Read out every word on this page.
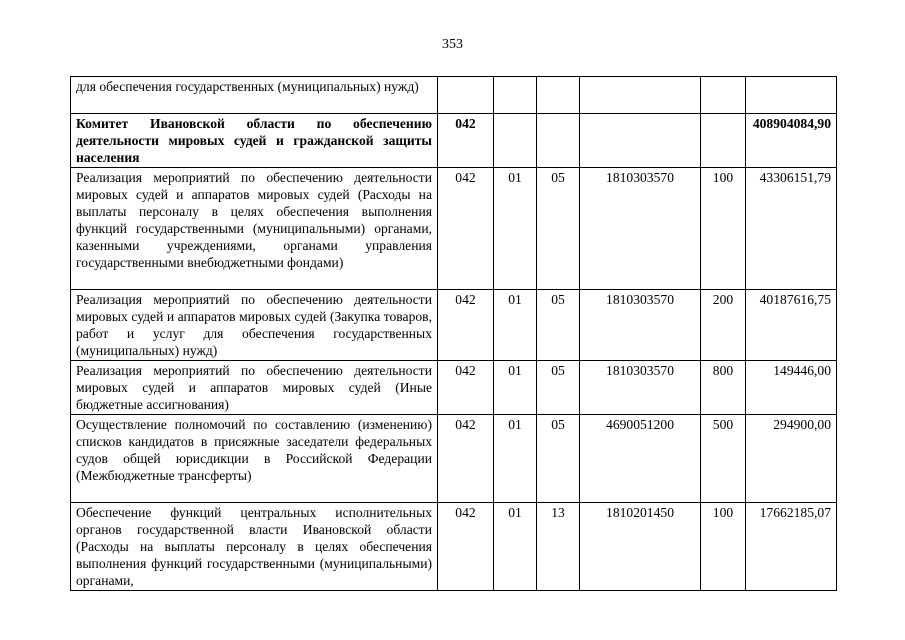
353
для обеспечения государственных (муниципальных) нужд)						
Комитет Ивановской области по обеспечению деятельности мировых судей и гражданской защиты населения	042					408904084,90
Реализация мероприятий по обеспечению деятельности мировых судей и аппаратов мировых судей (Расходы на выплаты персоналу в целях обеспечения выполнения функций государственными (муниципальными) органами, казенными учреждениями, органами управления государственными внебюджетными фондами)	042	01	05	1810303570	100	43306151,79
Реализация мероприятий по обеспечению деятельности мировых судей и аппаратов мировых судей (Закупка товаров, работ и услуг для обеспечения государственных (муниципальных) нужд)	042	01	05	1810303570	200	40187616,75
Реализация мероприятий по обеспечению деятельности мировых судей и аппаратов мировых судей (Иные бюджетные ассигнования)	042	01	05	1810303570	800	149446,00
Осуществление полномочий по составлению (изменению) списков кандидатов в присяжные заседатели федеральных судов общей юрисдикции в Российской Федерации (Межбюджетные трансферты)	042	01	05	4690051200	500	294900,00
Обеспечение функций центральных исполнительных органов государственной власти Ивановской области (Расходы на выплаты персоналу в целях обеспечения выполнения функций государственными (муниципальными) органами,	042	01	13	1810201450	100	17662185,07
